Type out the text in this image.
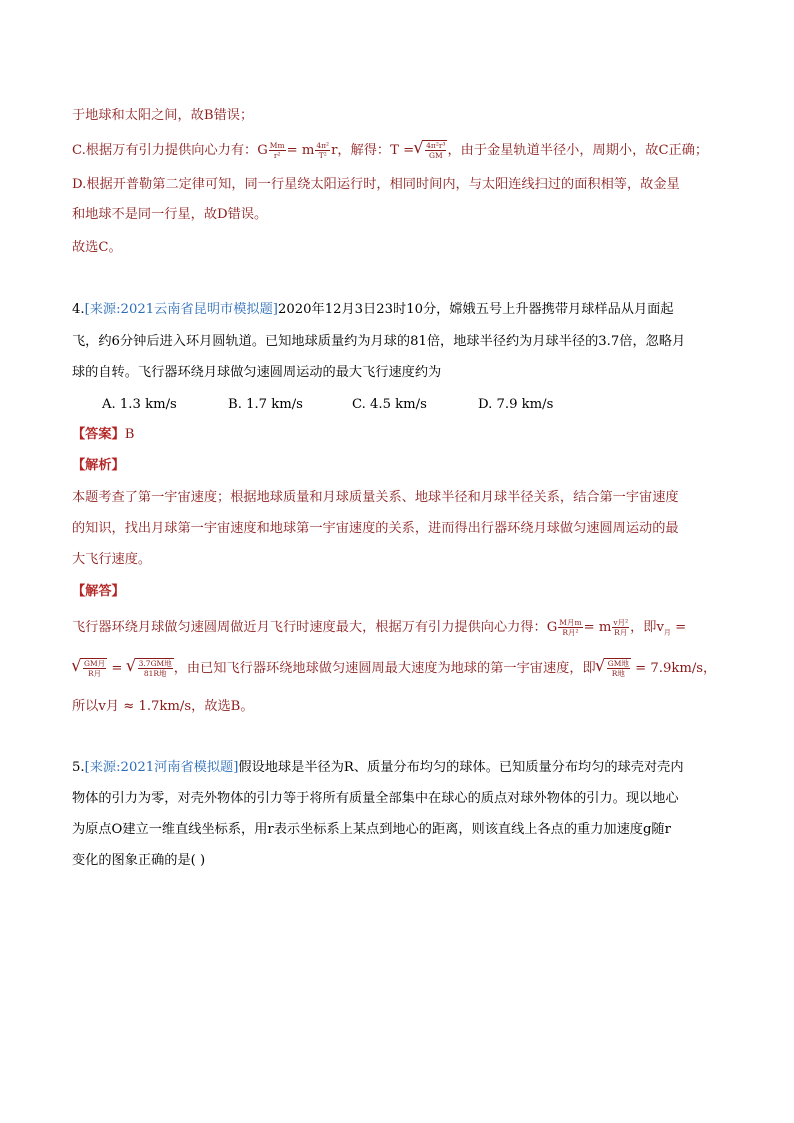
于地球和太阳之间，故B错误；
C.根据万有引力提供向心力有：G $\frac{Mm}{\text{r²}} = m \frac{\text{4π²}}{\text{T²}}$ r，解得：T = √ $\frac{\text{4π²r³}}{GM}$ ，由于金星轨道半径小，周期小，故C正确；
D.根据开普勒第二定律可知，同一行星绕太阳运行时，相同时间内，与太阳连线扫过的面积相等，故金星
和地球不是同一行星，故D错误。
故选C。
4.[来源:2021云南省昆明市模拟题]2020年12月3日23时10分，嫦娥五号上升器携带月球样品从月面起
飞，约6分钟后进入环月圆轨道。已知地球质量约为月球的81倍，地球半径约为月球半径的3.7倍，忽略月
球的自转。飞行器环绕月球做匀速圆周运动的最大飞行速度约为
A. 1.3 km/s	B. 1.7 km/s	C. 4.5 km/s	D. 7.9 km/s
【答案】B
【解析】
本题考查了第一宇宙速度；根据地球质量和月球质量关系、地球半径和月球半径关系，结合第一宇宙速度
的知识，找出月球第一宇宙速度和地球第一宇宙速度的关系，进而得出行器环绕月球做匀速圆周运动的最
大飞行速度。
【解答】
飞行器环绕月球做匀速圆周做近月飞行时速度最大，根据万有引力提供向心力得：G $\frac{\text{M月m}}{\text{R月²}} = m \frac{\text{v月²}}{\text{R月}}$ ，即$v_月$ =
√ $\frac{\text{GM月}}{\text{R月}}$ = √ $\frac{\text{3.7GM地}}{\text{81R地}}$ ，由已知飞行器环绕地球做匀速圆周最大速度为地球的第一宇宙速度，即 √ $\frac{\text{GM地}}{\text{R地}} = 7.9km/s$，
所以v月 ≈ 1.7km/s，故选B。
5.[来源:2021河南省模拟题]假设地球是半径为R、质量分布均匀的球体。已知质量分布均匀的球壳对壳内
物体的引力为零，对壳外物体的引力等于将所有质量全部集中在球心的质点对球外物体的引力。现以地心
为原点O建立一维直线坐标系，用r表示坐标系上某点到地心的距离，则该直线上各点的重力加速度g随r
变化的图象正确的是( )
